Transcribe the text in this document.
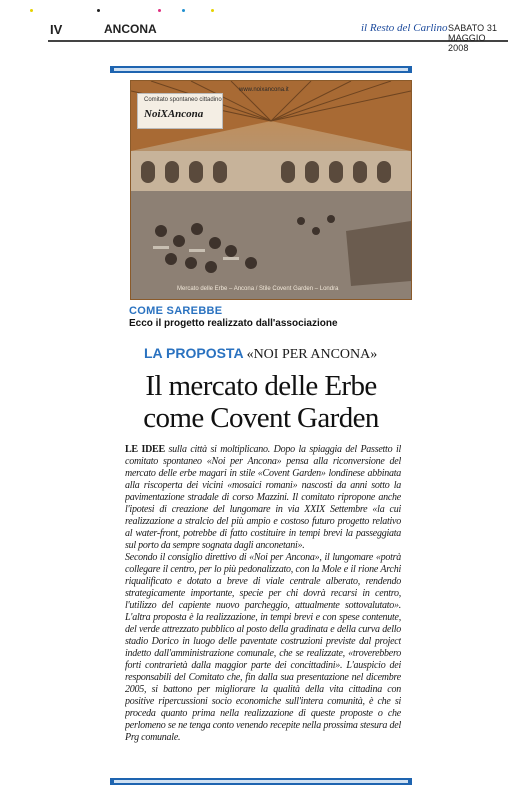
IV	ANCONA	il Resto del Carlino SABATO 31 MAGGIO 2008
Comitato spontaneo cittadino
NoiXAncona
www.noixancona.it
Mercato delle Erbe – Ancona / Stile Covent Garden – Londra
COME SAREBBE
Ecco il progetto realizzato dall'associazione
LA PROPOSTA «NOI PER ANCONA»
Il mercato delle Erbe
come Covent Garden

LE IDEE sulla città si moltiplicano. Dopo la spiaggia del Passetto il comitato spontaneo «Noi per Ancona» pensa alla riconversione del mercato delle erbe magari in stile «Covent Garden» londinese abbinata alla riscoperta dei vicini «mosaici romani» nascosti da anni sotto la pavimentazione stradale di corso Mazzini. Il comitato ripropone anche l'ipotesi di creazione del lungomare in via XXIX Settembre «la cui realizzazione a stralcio del più ampio e costoso futuro progetto relativo al water-front, potrebbe di fatto costituire in tempi brevi la passeggiata sul porto da sempre sognata dagli anconetani».

Secondo il consiglio direttivo di «Noi per Ancona», il lungomare «potrà collegare il centro, per lo più pedonalizzato, con la Mole e il rione Archi riqualificato e dotato a breve di viale centrale alberato, rendendo strategicamente importante, specie per chi dovrà recarsi in centro, l'utilizzo del capiente nuovo parcheggio, attualmente sottovalutato». L'altra proposta è la realizzazione, in tempi brevi e con spese contenute, del verde attrezzato pubblico al posto della gradinata e della curva dello stadio Dorico in luogo delle paventate costruzioni previste dal project indetto dall'amministrazione comunale, che se realizzate, «troverebbero forti contrarietà dalla maggior parte dei concittadini». L'auspicio dei responsabili del Comitato che, fin dalla sua presentazione nel dicembre 2005, si battono per migliorare la qualità della vita cittadina con positive ripercussioni socio economiche sull'intera comunità, è che si proceda quanto prima nella realizzazione di queste proposte o che perlomeno se ne tenga conto venendo recepite nella prossima stesura del Prg comunale.
